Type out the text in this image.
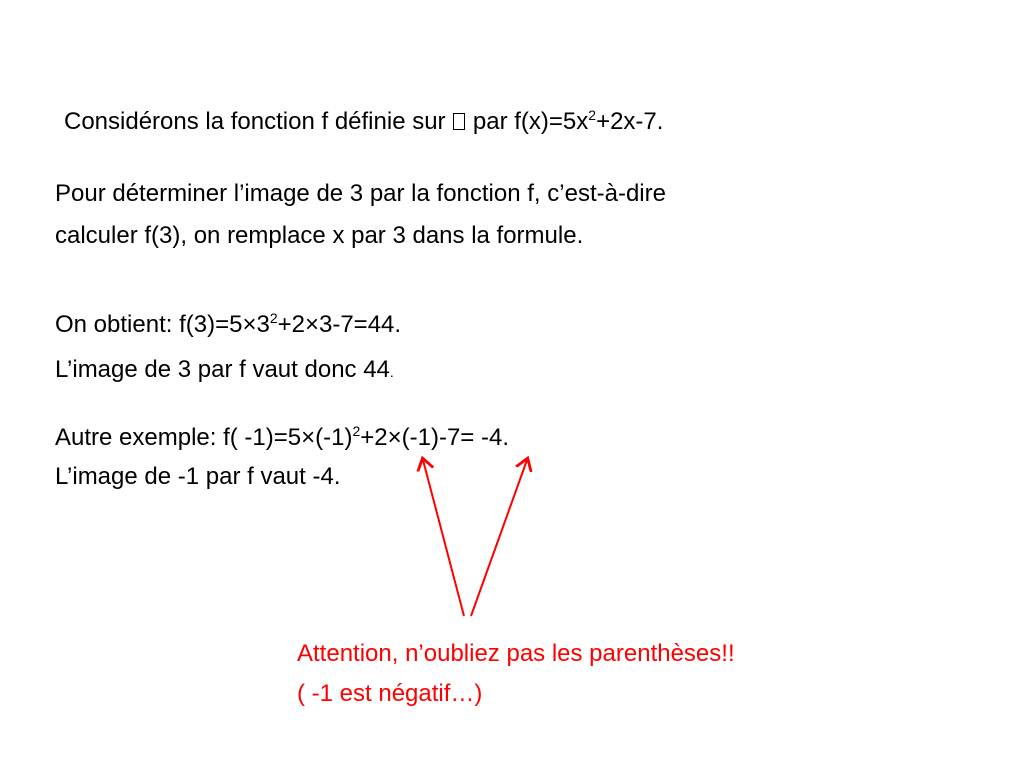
Considérons la fonction f définie sur  par $f(x)=5x^2+2x-7$.
Pour déterminer l’image de 3 par la fonction f, c’est-à-dire
calculer f(3), on remplace x par 3 dans la formule.
On obtient: $f(3)=5\times 3^2+2\times 3-7=44$.
L’image de 3 par f vaut donc 44.
Autre exemple: f( $-1)=5\times(-1)^2+2\times(-1)-7= -4$.
L’image de -1 par f vaut -4.
Attention, n’oubliez pas les parenthèses!!
( -1 est négatif…)
